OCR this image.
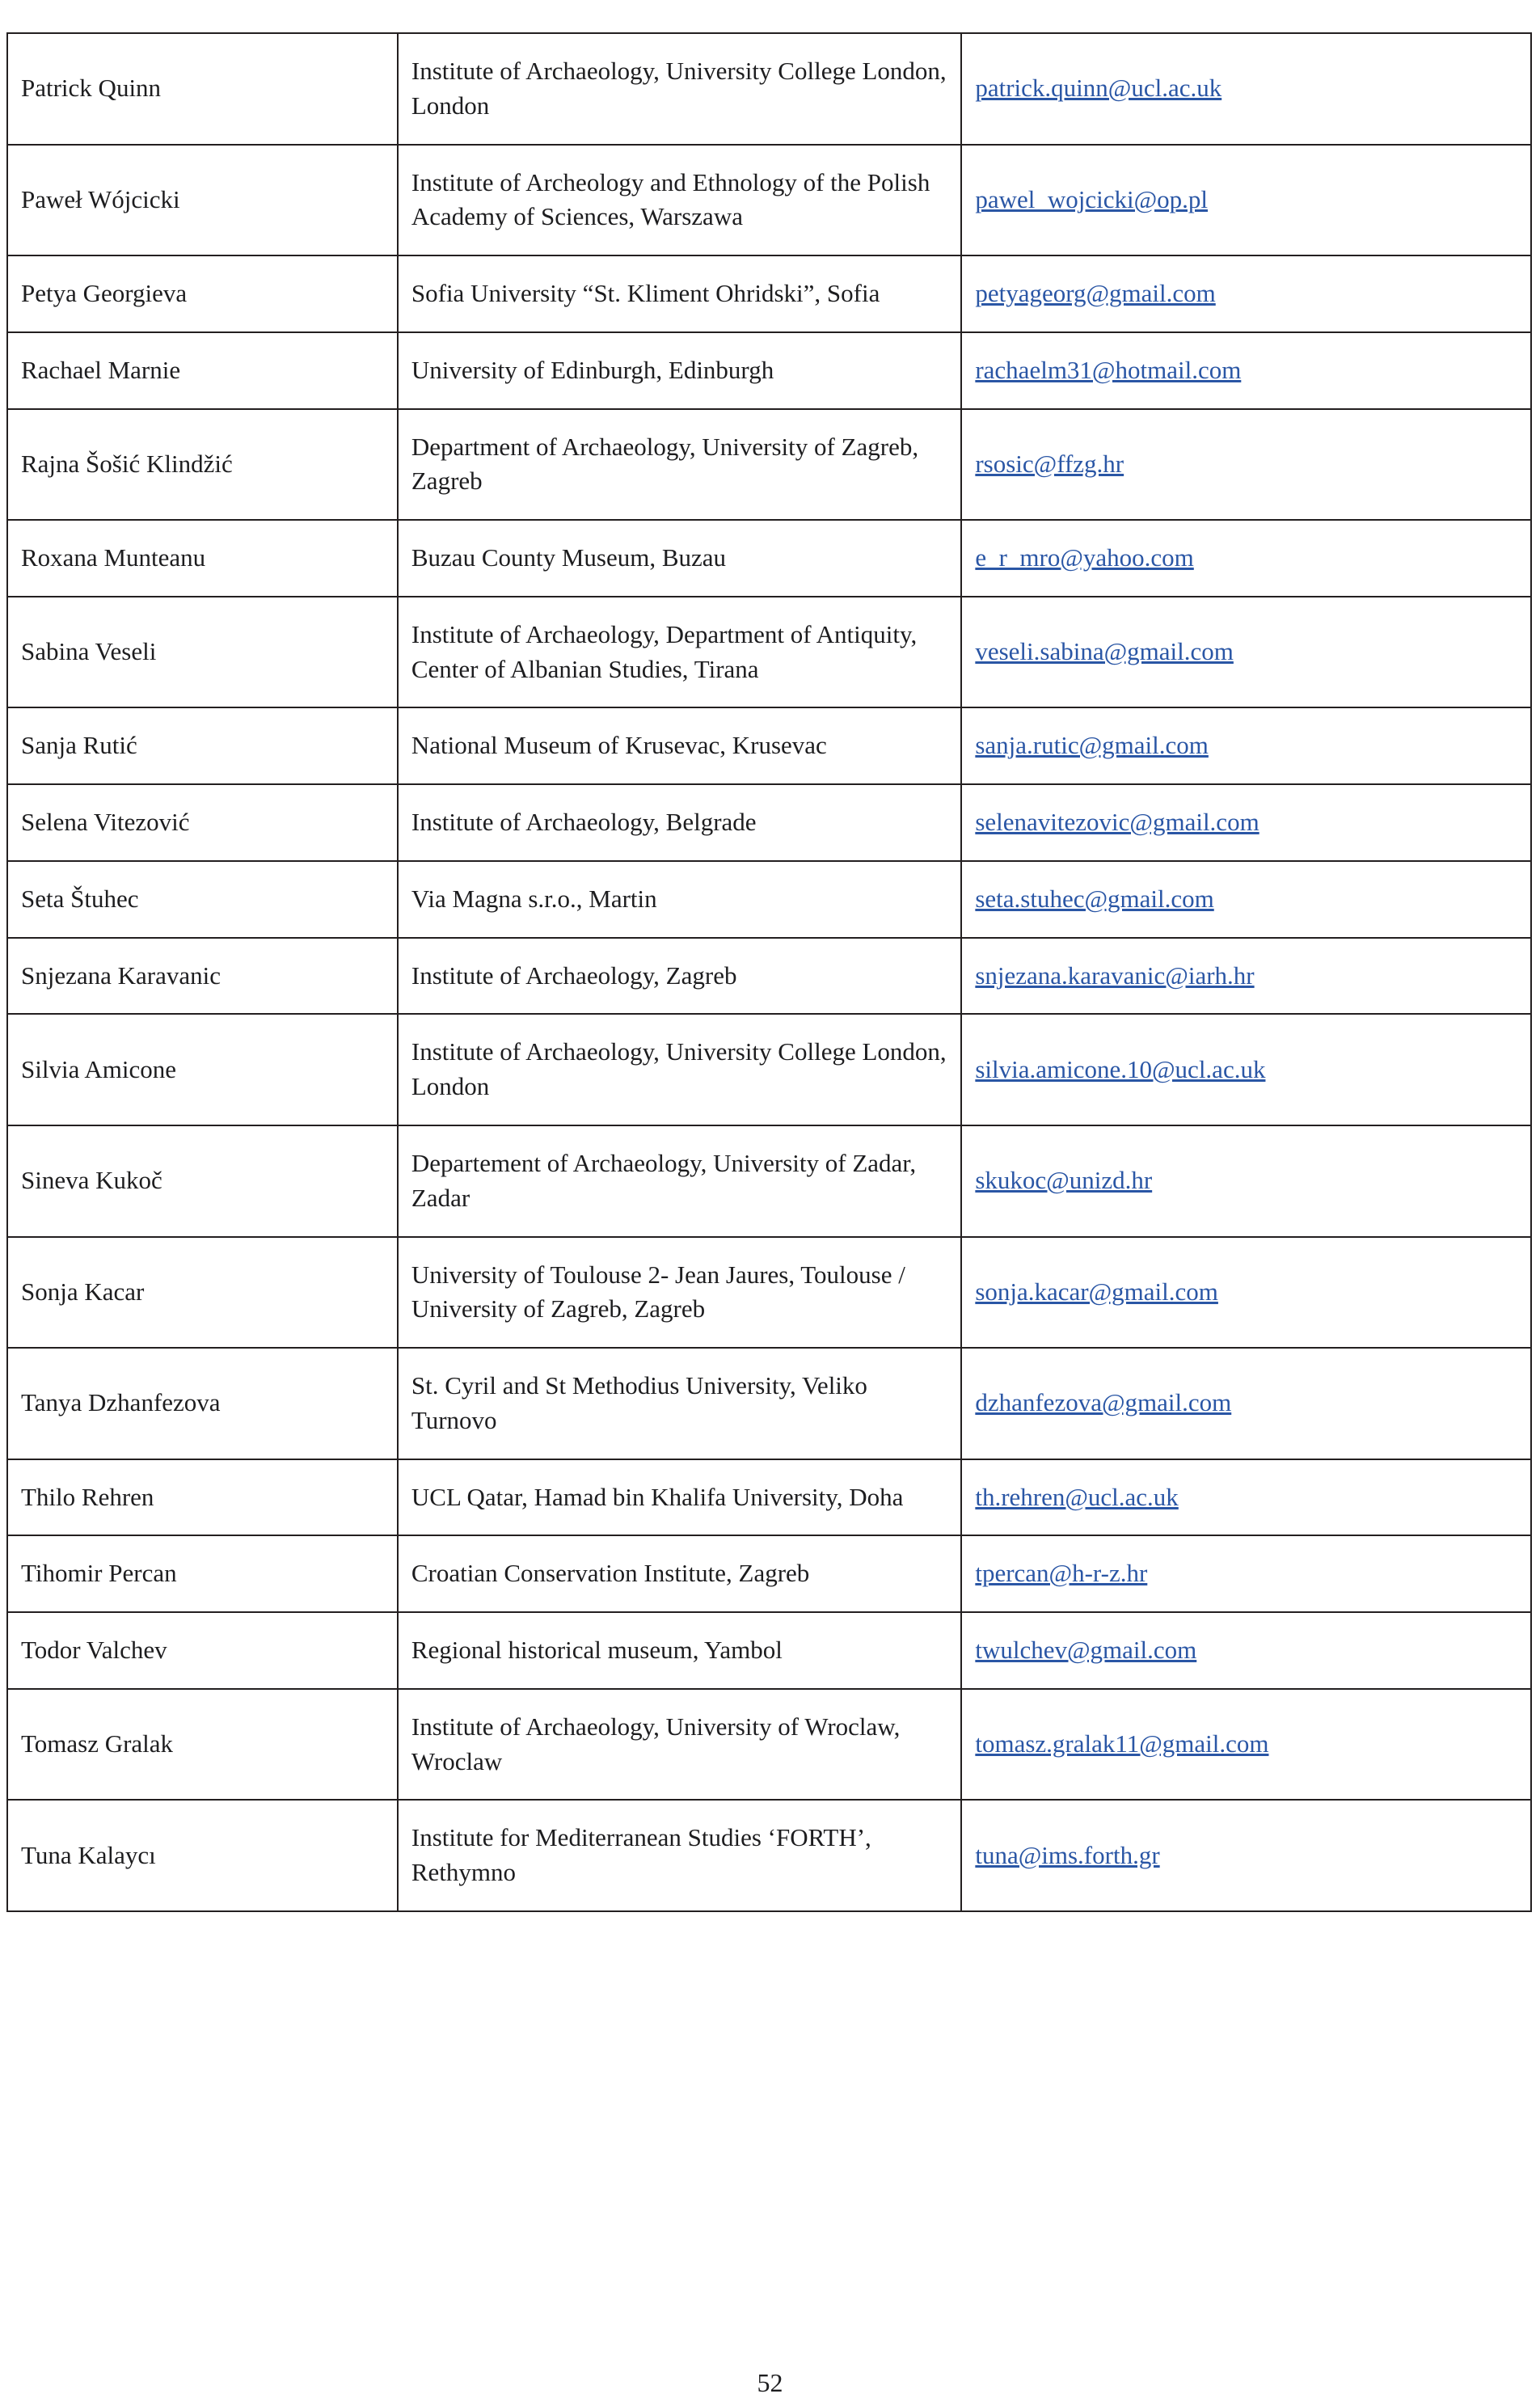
Patrick Quinn	Institute of Archaeology, University College London, London	patrick.quinn@ucl.ac.uk
Paweł Wójcicki	Institute of Archeology and Ethnology of the Polish Academy of Sciences, Warszawa	pawel_wojcicki@op.pl
Petya Georgieva	Sofia University “St. Kliment Ohridski”, Sofia	petyageorg@gmail.com
Rachael Marnie	University of Edinburgh, Edinburgh	rachaelm31@hotmail.com
Rajna Šošić Klindžić	Department of Archaeology, University of Zagreb, Zagreb	rsosic@ffzg.hr
Roxana Munteanu	Buzau County Museum, Buzau	e_r_mro@yahoo.com
Sabina Veseli	Institute of Archaeology, Department of Antiquity, Center of Albanian Studies, Tirana	veseli.sabina@gmail.com
Sanja Rutić	National Museum of Krusevac, Krusevac	sanja.rutic@gmail.com
Selena Vitezović	Institute of Archaeology, Belgrade	selenavitezovic@gmail.com
Seta Štuhec	Via Magna s.r.o., Martin	seta.stuhec@gmail.com
Snjezana Karavanic	Institute of Archaeology, Zagreb	snjezana.karavanic@iarh.hr
Silvia Amicone	Institute of Archaeology, University College London, London	silvia.amicone.10@ucl.ac.uk
Sineva Kukoč	Departement of Archaeology, University of Zadar, Zadar	skukoc@unizd.hr
Sonja Kacar	University of Toulouse 2- Jean Jaures, Toulouse / University of Zagreb, Zagreb	sonja.kacar@gmail.com
Tanya Dzhanfezova	St. Cyril and St Methodius University, Veliko Turnovo	dzhanfezova@gmail.com
Thilo Rehren	UCL Qatar, Hamad bin Khalifa University, Doha	th.rehren@ucl.ac.uk
Tihomir Percan	Croatian Conservation Institute, Zagreb	tpercan@h-r-z.hr
Todor Valchev	Regional historical museum, Yambol	twulchev@gmail.com
Tomasz Gralak	Institute of Archaeology, University of Wroclaw, Wroclaw	tomasz.gralak11@gmail.com
Tuna Kalaycı	Institute for Mediterranean Studies ‘FORTH’, Rethymno	tuna@ims.forth.gr
52
